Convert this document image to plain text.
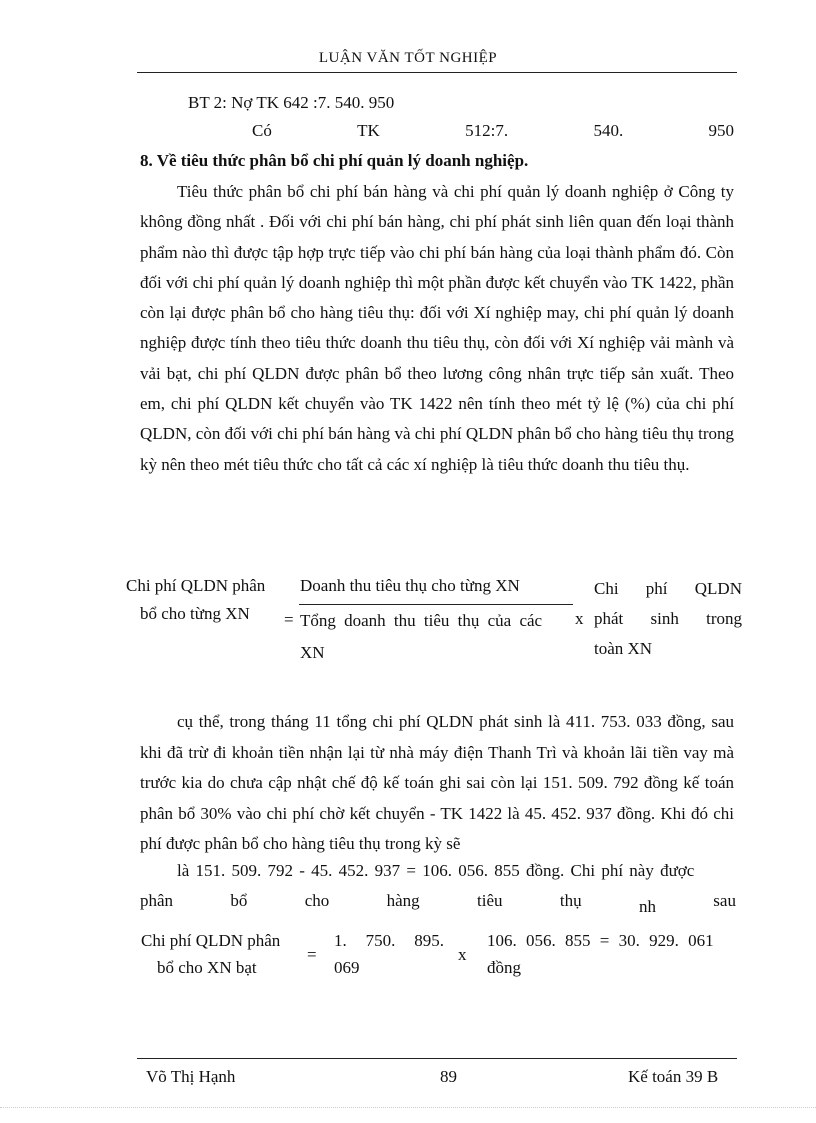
LUẬN VĂN TỐT NGHIỆP
BT 2: Nợ TK 642 :7. 540. 950
Có	TK	512:7.	540.	950
8. Về tiêu thức phân bổ chi phí quản lý doanh nghiệp.
Tiêu thức phân bổ chi phí bán hàng và chi phí quản lý doanh nghiệp ở Công ty không đồng nhất . Đối với chi phí bán hàng, chi phí phát sinh liên quan đến loại thành phẩm nào thì được tập hợp trực tiếp vào chi phí bán hàng của loại thành phẩm đó. Còn đối với chi phí quản lý doanh nghiệp thì một phần được kết chuyển vào TK 1422, phần còn lại được phân bổ cho hàng tiêu thụ: đối với Xí nghiệp may, chi phí quản lý doanh nghiệp được tính theo tiêu thức doanh thu tiêu thụ, còn đối với Xí nghiệp vải mành và vải bạt, chi phí QLDN được phân bổ theo lương công nhân trực tiếp sản xuất. Theo em, chi phí QLDN kết chuyển vào TK 1422 nên tính theo mét tỷ lệ (%) của chi phí QLDN, còn đối với chi phí bán hàng và chi phí QLDN phân bổ cho hàng tiêu thụ trong kỳ nên theo mét tiêu thức cho tất cả các xí nghiệp là tiêu thức doanh thu tiêu thụ.
Chi phí QLDN phân
bổ cho từng XN =
Doanh thu tiêu thụ cho từng XN
Tổng doanh thu tiêu thụ của các
XN
x
Chi phí QLDN
phát sinh trong
toàn XN
cụ thể, trong tháng 11 tổng chi phí QLDN phát sinh là 411. 753. 033 đồng, sau khi đã trừ đi khoản tiền nhận lại từ nhà máy điện Thanh Trì và khoản lãi tiền vay mà trước kia do chưa cập nhật chế độ kế toán ghi sai còn lại 151. 509. 792 đồng kế toán phân bổ 30% vào chi phí chờ kết chuyển - TK 1422 là 45. 452. 937 đồng. Khi đó chi phí được phân bổ cho hàng tiêu thụ trong kỳ sẽ
là 151. 509. 792 - 45. 452. 937 = 106. 056. 855 đồng. Chi phí này được
phân	bổ	cho	hàng	tiêu	thụ	nh	sau
Chi phí QLDN phân
bổ cho XN bạt
=
1. 750. 895.
069
x
106. 056. 855 = 30. 929. 061
đồng
Võ Thị Hạnh	89	Kế toán 39 B
